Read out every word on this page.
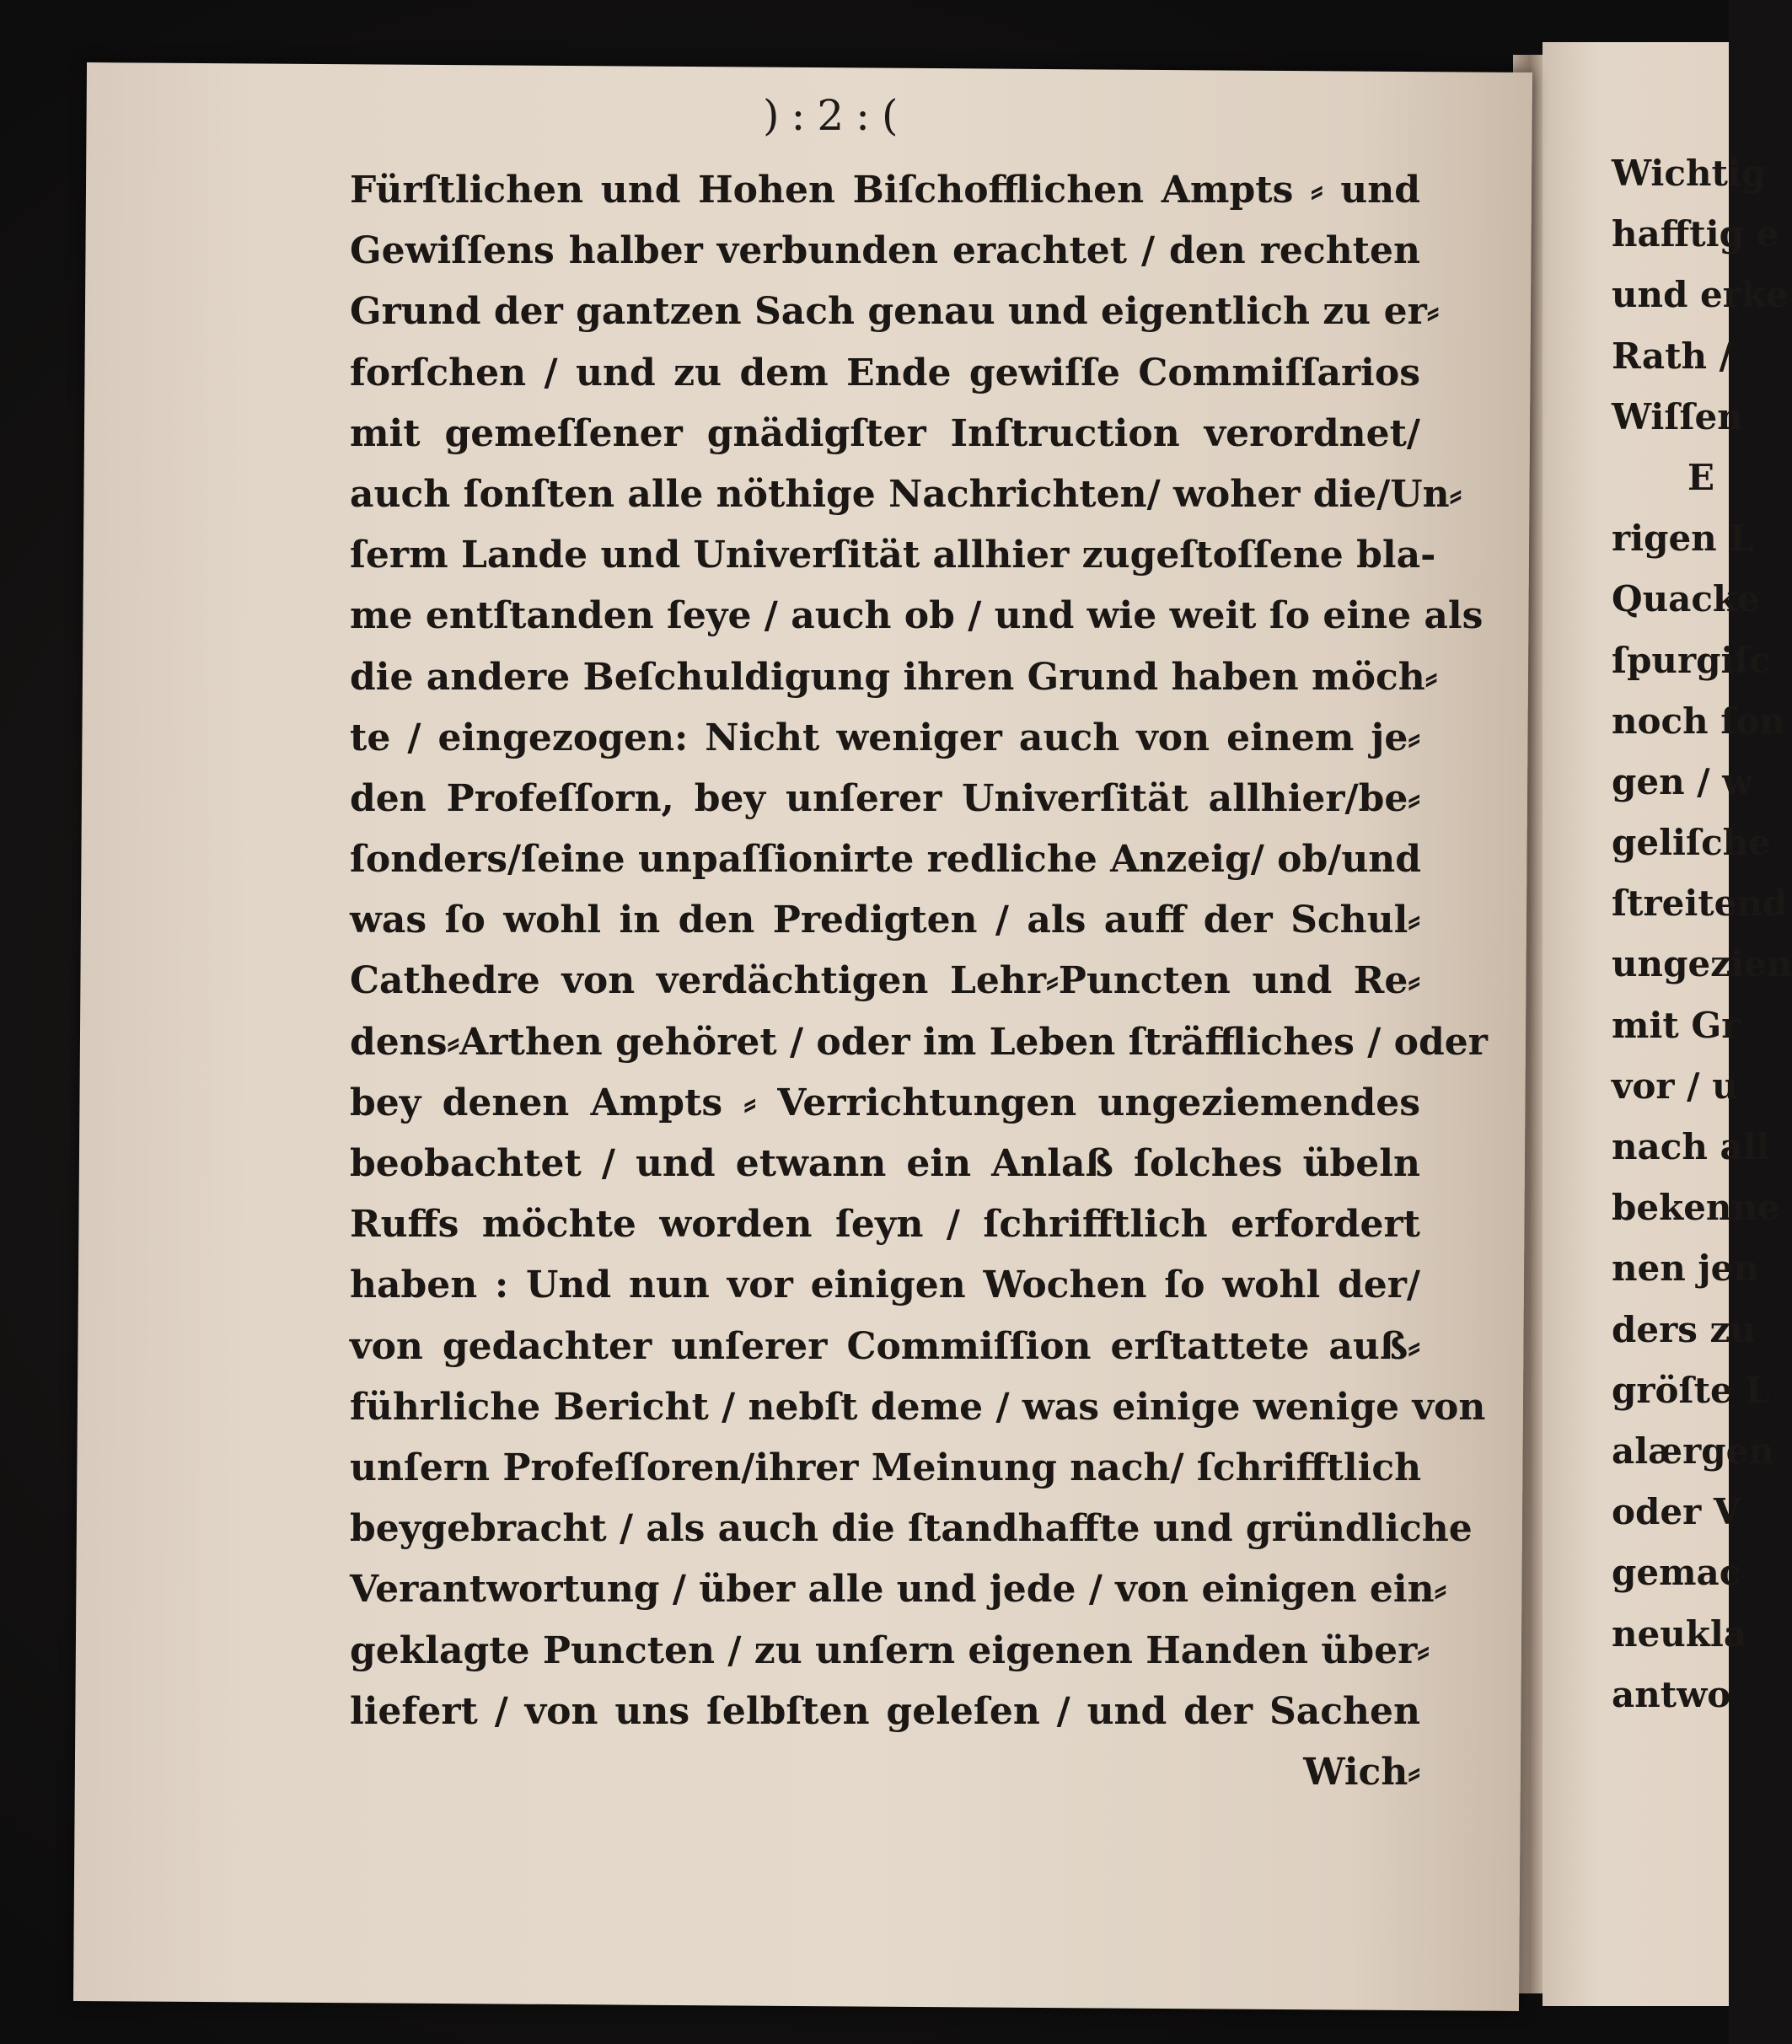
):2:(
Fürſtlichen und Hohen Biſchofflichen Ampts ⸗ und
Gewiſſens halber verbunden erachtet / den rechten
Grund der gantzen Sach genau und eigentlich zu er⸗
forſchen / und zu dem Ende gewiſſe Commiſſarios
mit gemeſſener gnädigſter Inſtruction verordnet/
auch ſonſten alle nöthige Nachrichten/ woher die/Un⸗
ſerm Lande und Univerſität allhier zugeſtoſſene bla-
me entſtanden ſeye / auch ob / und wie weit ſo eine als
die andere Beſchuldigung ihren Grund haben möch⸗
te / eingezogen: Nicht weniger auch von einem je⸗
den Profeſſorn, bey unſerer Univerſität allhier/be⸗
ſonders/ſeine unpaſſionirte redliche Anzeig/ ob/und
was ſo wohl in den Predigten / als auff der Schul⸗
Cathedre von verdächtigen Lehr⸗Puncten und Re⸗
dens⸗Arthen gehöret / oder im Leben ſträffliches / oder
bey denen Ampts ⸗ Verrichtungen ungeziemendes
beobachtet / und etwann ein Anlaß ſolches übeln
Ruffs möchte worden ſeyn / ſchrifftlich erfordert
haben : Und nun vor einigen Wochen ſo wohl der/
von gedachter unſerer Commiſſion erſtattete auß⸗
führliche Bericht / nebſt deme / was einige wenige von
unſern Profeſſoren/ihrer Meinung nach/ ſchrifftlich
beygebracht / als auch die ſtandhaffte und gründliche
Verantwortung / über alle und jede / von einigen ein⸗
geklagte Puncten / zu unſern eigenen Handen über⸗
liefert / von uns ſelbſten geleſen / und der Sachen
Wich⸗
Wichtig
hafftig e
und erke
Rath /
Wiſſen
E
rigen L
Quacke
ſpurgiſc
noch ſon
gen / w
geliſche
ſtreitend
ungezien
mit Gr
vor / u
nach all
bekenne
nen jen
ders zu
gröſte L
alærgen
oder V
gemac
neukla
antwo
